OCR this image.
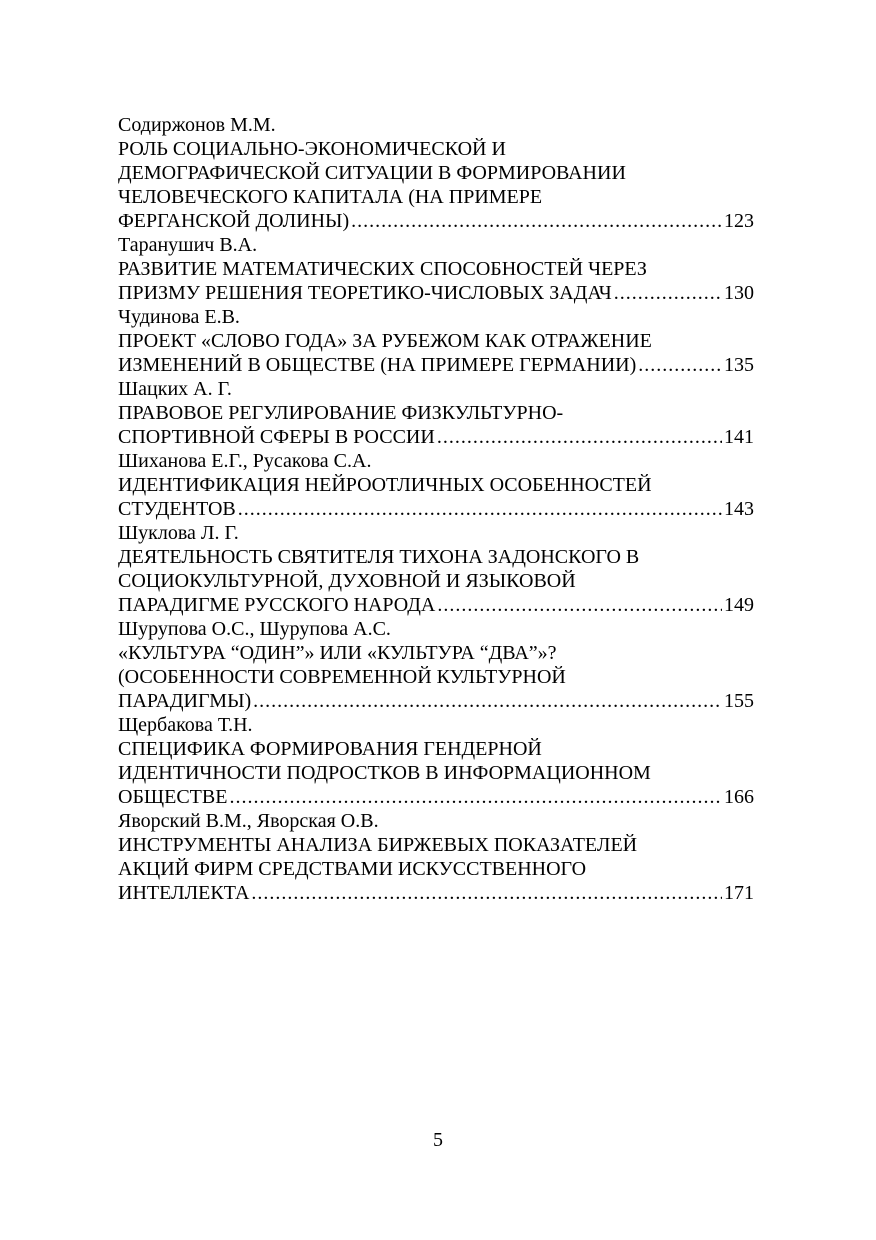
Содиржонов М.М.
РОЛЬ СОЦИАЛЬНО-ЭКОНОМИЧЕСКОЙ И
ДЕМОГРАФИЧЕСКОЙ СИТУАЦИИ В ФОРМИРОВАНИИ
ЧЕЛОВЕЧЕСКОГО КАПИТАЛА (НА ПРИМЕРЕ
ФЕРГАНСКОЙ ДОЛИНЫ) .....	123
Таранушич В.А.
РАЗВИТИЕ МАТЕМАТИЧЕСКИХ СПОСОБНОСТЕЙ ЧЕРЕЗ
ПРИЗМУ РЕШЕНИЯ ТЕОРЕТИКО-ЧИСЛОВЫХ ЗАДАЧ .....	130
Чудинова Е.В.
ПРОЕКТ «СЛОВО ГОДА» ЗА РУБЕЖОМ КАК ОТРАЖЕНИЕ
ИЗМЕНЕНИЙ В ОБЩЕСТВЕ (НА ПРИМЕРЕ ГЕРМАНИИ) .....	135
Шацких А. Г.
ПРАВОВОЕ РЕГУЛИРОВАНИЕ ФИЗКУЛЬТУРНО-
СПОРТИВНОЙ СФЕРЫ В РОССИИ .....	141
Шиханова Е.Г., Русакова С.А.
ИДЕНТИФИКАЦИЯ НЕЙРООТЛИЧНЫХ ОСОБЕННОСТЕЙ
СТУДЕНТОВ .....	143
Шуклова Л. Г.
ДЕЯТЕЛЬНОСТЬ СВЯТИТЕЛЯ ТИХОНА ЗАДОНСКОГО В
СОЦИОКУЛЬТУРНОЙ, ДУХОВНОЙ И ЯЗЫКОВОЙ
ПАРАДИГМЕ РУССКОГО НАРОДА .....	149
Шурупова О.С., Шурупова А.С.
«КУЛЬТУРА “ОДИН”» ИЛИ «КУЛЬТУРА “ДВА”»?
(ОСОБЕННОСТИ СОВРЕМЕННОЙ КУЛЬТУРНОЙ
ПАРАДИГМЫ) .....	155
Щербакова Т.Н.
СПЕЦИФИКА ФОРМИРОВАНИЯ ГЕНДЕРНОЙ
ИДЕНТИЧНОСТИ ПОДРОСТКОВ В ИНФОРМАЦИОННОМ
ОБЩЕСТВЕ .....	166
Яворский В.М., Яворская О.В.
ИНСТРУМЕНТЫ АНАЛИЗА БИРЖЕВЫХ ПОКАЗАТЕЛЕЙ
АКЦИЙ ФИРМ СРЕДСТВАМИ ИСКУССТВЕННОГО
ИНТЕЛЛЕКТА .....	171
5
